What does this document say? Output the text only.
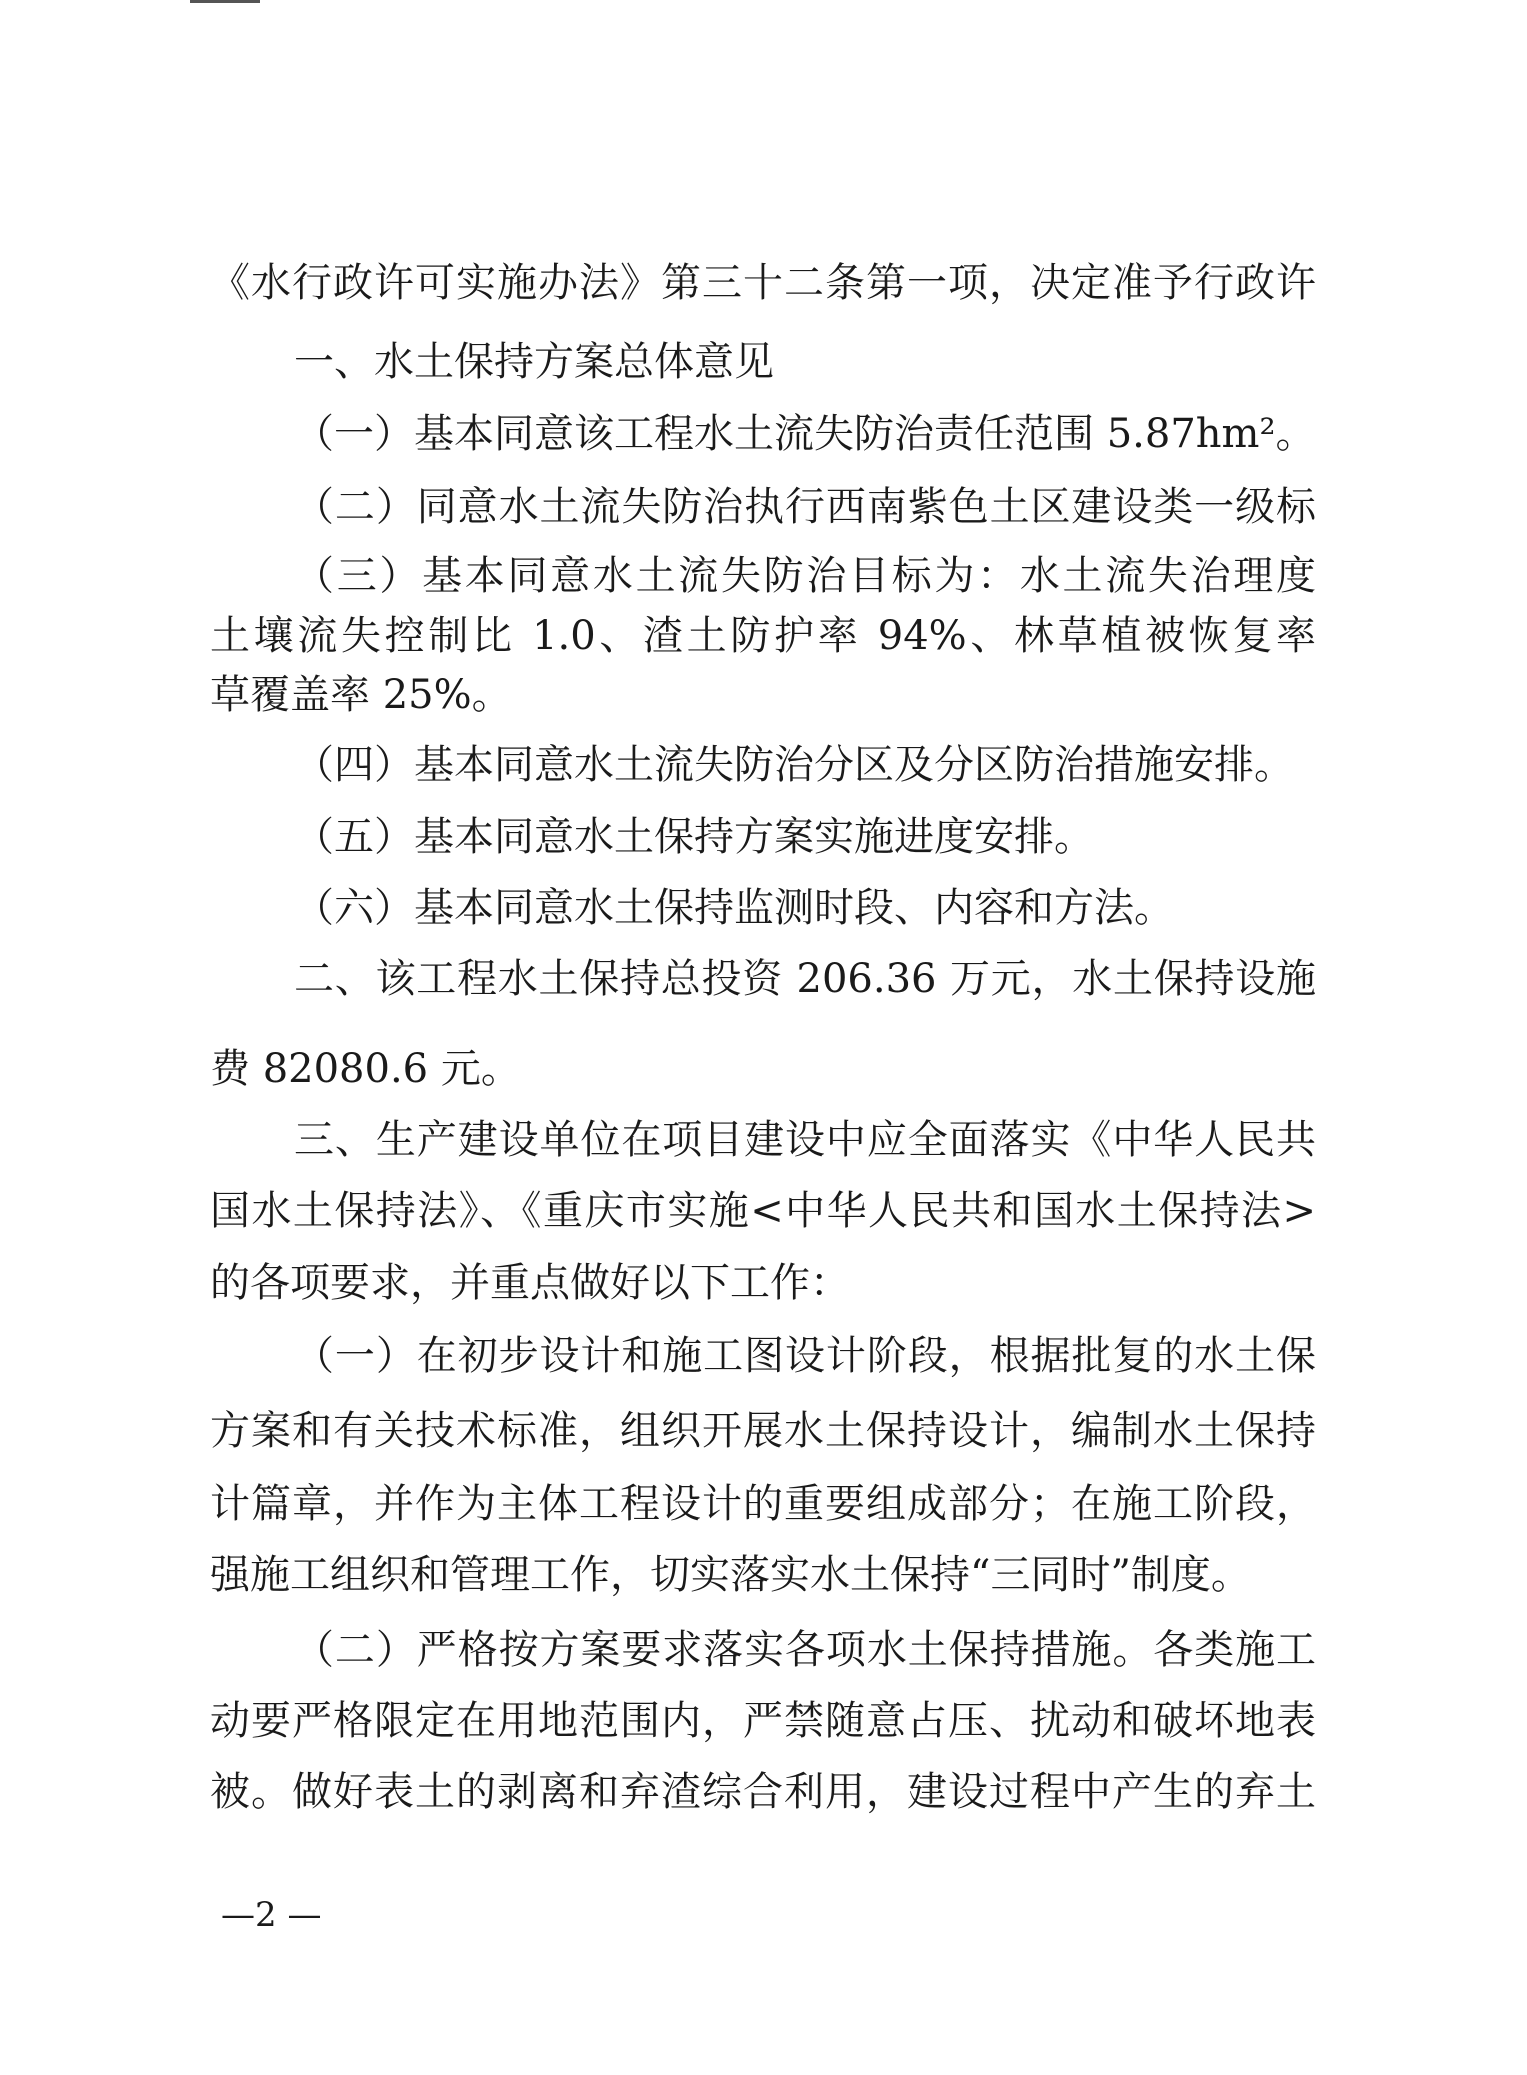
《水行政许可实施办法》第三十二条第一项，决定准予行政许
一、水土保持方案总体意见
（一）基本同意该工程水土流失防治责任范围 5.87hm²。
（二）同意水土流失防治执行西南紫色土区建设类一级标
（三）基本同意水土流失防治目标为：水土流失治理度
土壤流失控制比 1.0、渣土防护率 94%、林草植被恢复率
草覆盖率 25%。
（四）基本同意水土流失防治分区及分区防治措施安排。
（五）基本同意水土保持方案实施进度安排。
（六）基本同意水土保持监测时段、内容和方法。
二、该工程水土保持总投资 206.36 万元，水土保持设施
费 82080.6 元。
三、生产建设单位在项目建设中应全面落实《中华人民共
国水土保持法》、《重庆市实施<中华人民共和国水土保持法>
的各项要求，并重点做好以下工作：
（一）在初步设计和施工图设计阶段，根据批复的水土保
方案和有关技术标准，组织开展水土保持设计，编制水土保持
计篇章，并作为主体工程设计的重要组成部分；在施工阶段，
强施工组织和管理工作，切实落实水土保持“三同时”制度。
（二）严格按方案要求落实各项水土保持措施。各类施工
动要严格限定在用地范围内，严禁随意占压、扰动和破坏地表
被。做好表土的剥离和弃渣综合利用，建设过程中产生的弃土
—2 —
